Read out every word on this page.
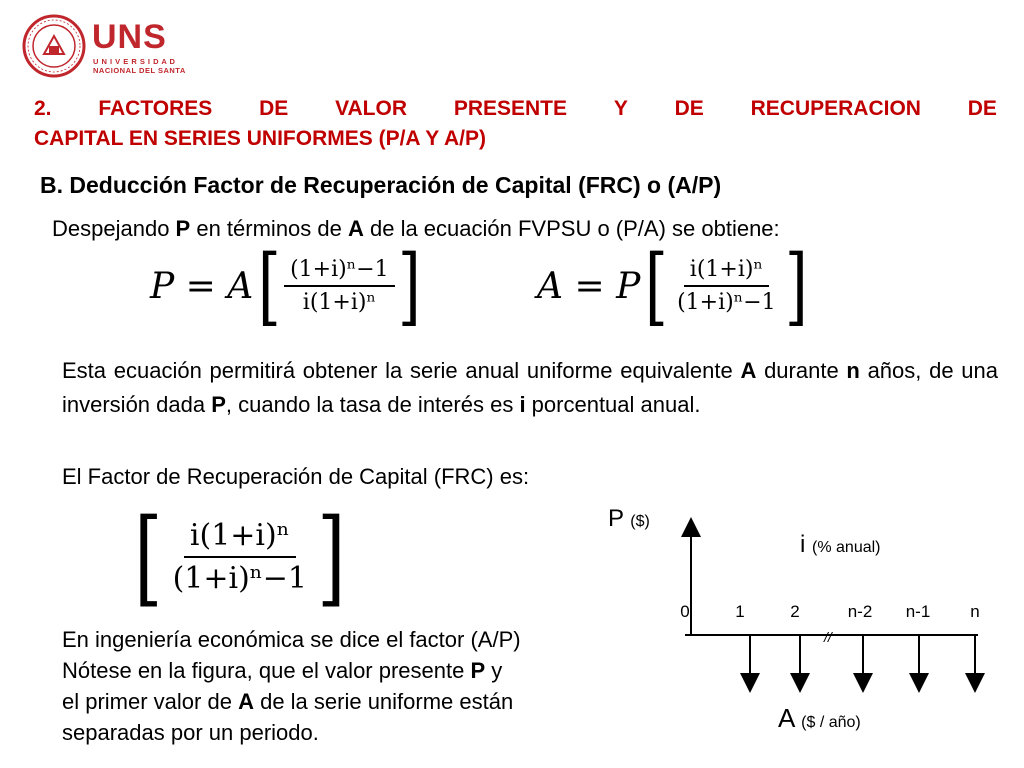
UNS
U N I V E R S I D A D
NACIONAL DEL SANTA
2. FACTORES DE VALOR PRESENTE Y DE RECUPERACION DE
CAPITAL EN SERIES UNIFORMES (P/A Y A/P)
B. Deducción Factor de Recuperación de Capital (FRC) o (A/P)
Despejando P en términos de A de la ecuación FVPSU o (P/A) se obtiene:
P = A [ $\frac{\text{(1+i)ⁿ−1}}{\text{i(1+i)ⁿ}}$ ]	A = P [ $\frac{\text{i(1+i)ⁿ}}{\text{(1+i)ⁿ−1}}$ ]
Esta ecuación permitirá obtener la serie anual uniforme equivalente A durante n años, de una inversión dada P, cuando la tasa de interés es i porcentual anual.
El Factor de Recuperación de Capital (FRC) es:
[ $\frac{\text{i(1+i)ⁿ}}{\text{(1+i)ⁿ−1}}$ ]
En ingeniería económica se dice el factor (A/P)
Nótese en la figura, que el valor presente P y
el primer valor de A de la serie uniforme están
separadas por un periodo.
//
P ($)
i (% anual)
A ($ / año)
0	1	2	n-2 n-1 n
